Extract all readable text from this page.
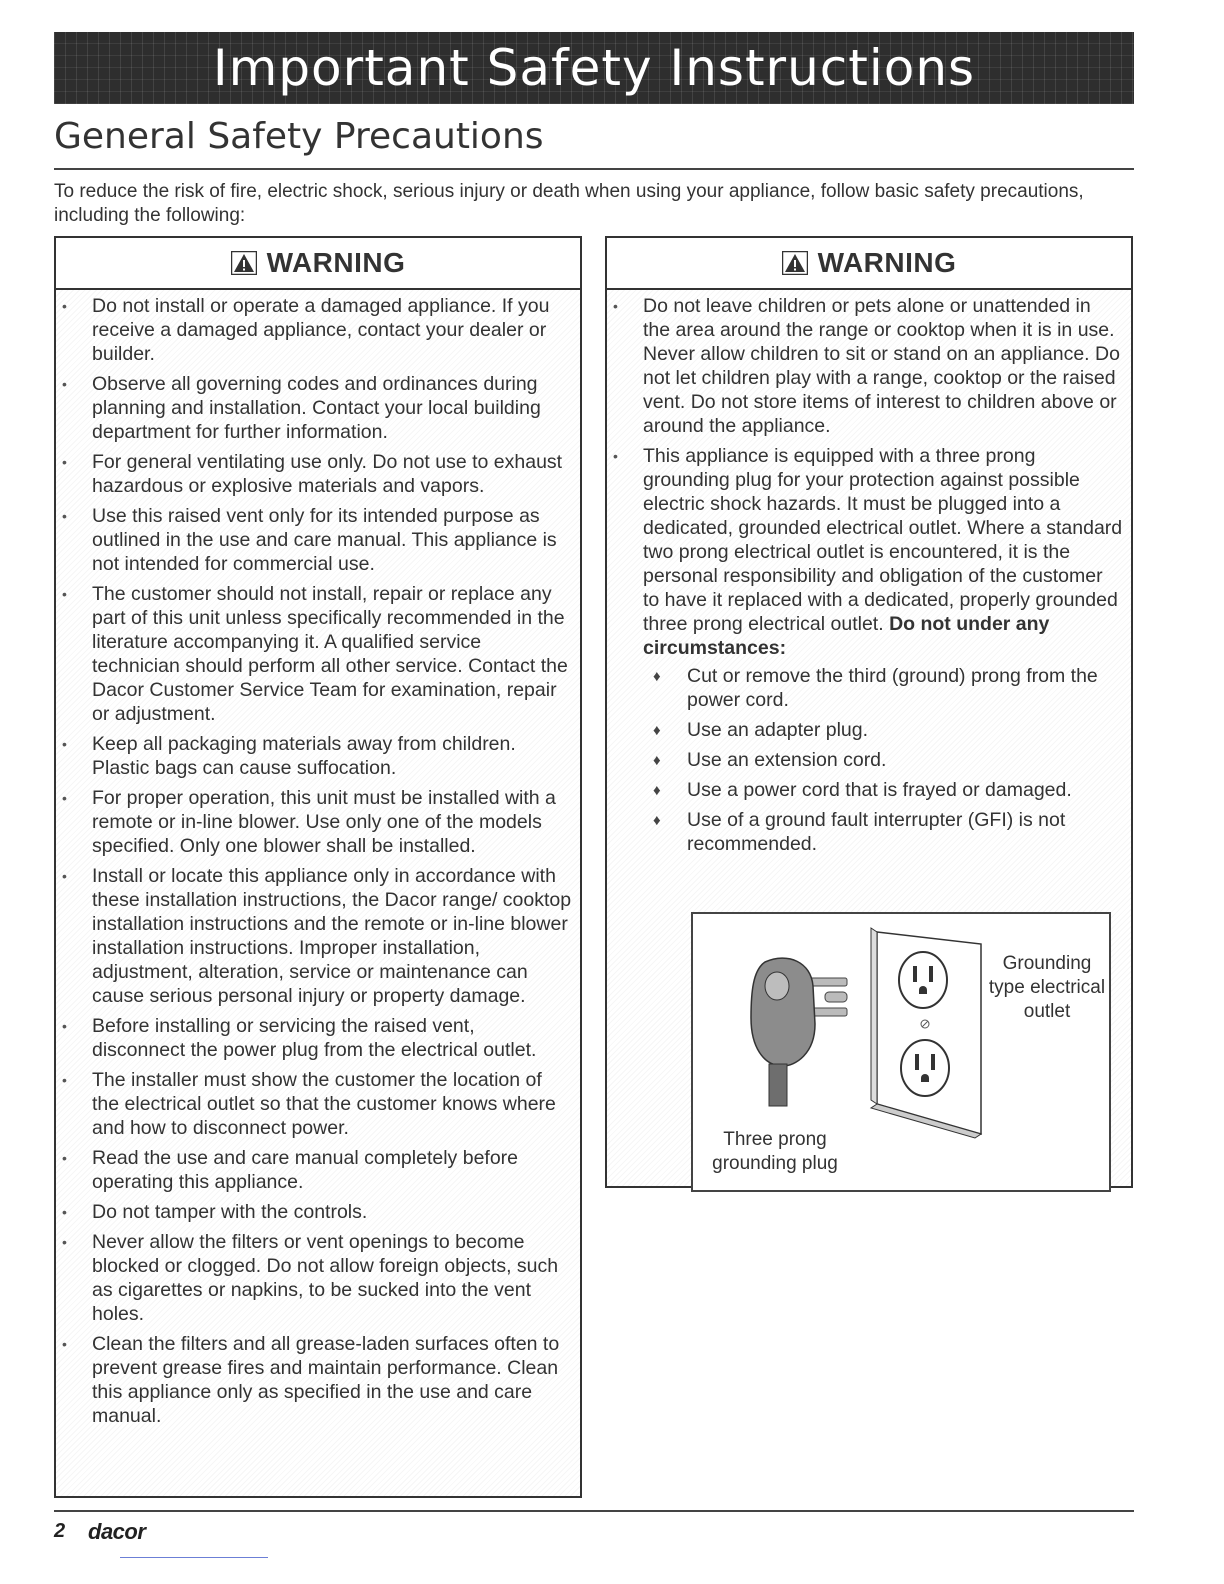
Important Safety Instructions
General Safety Precautions

To reduce the risk of fire, electric shock, serious injury or death when using your appliance, follow basic safety precautions, including the following:

WARNING
• Do not install or operate a damaged appliance. If you receive a damaged appliance, contact your dealer or builder.
• Observe all governing codes and ordinances during planning and installation. Contact your local building department for further information.
• For general ventilating use only. Do not use to exhaust hazardous or explosive materials and vapors.
• Use this raised vent only for its intended purpose as outlined in the use and care manual. This appliance is not intended for commercial use.
• The customer should not install, repair or replace any part of this unit unless specifically recommended in the literature accompanying it. A qualified service technician should perform all other service. Contact the Dacor Customer Service Team for examination, repair or adjustment.
• Keep all packaging materials away from children. Plastic bags can cause suffocation.
• For proper operation, this unit must be installed with a remote or in-line blower. Use only one of the models specified. Only one blower shall be installed.
• Install or locate this appliance only in accordance with these installation instructions, the Dacor range/ cooktop installation instructions and the remote or in-line blower installation instructions. Improper installation, adjustment, alteration, service or maintenance can cause serious personal injury or property damage.
• Before installing or servicing the raised vent, disconnect the power plug from the electrical outlet.
• The installer must show the customer the location of the electrical outlet so that the customer knows where and how to disconnect power.
• Read the use and care manual completely before operating this appliance.
• Do not tamper with the controls.
• Never allow the filters or vent openings to become blocked or clogged. Do not allow foreign objects, such as cigarettes or napkins, to be sucked into the vent holes.
• Clean the filters and all grease-laden surfaces often to prevent grease fires and maintain performance. Clean this appliance only as specified in the use and care manual.
WARNING
• Do not leave children or pets alone or unattended in the area around the range or cooktop when it is in use. Never allow children to sit or stand on an appliance. Do not let children play with a range, cooktop or the raised vent. Do not store items of interest to children above or around the appliance.
• This appliance is equipped with a three prong grounding plug for your protection against possible electric shock hazards. It must be plugged into a dedicated, grounded electrical outlet. Where a standard two prong electrical outlet is encountered, it is the personal responsibility and obligation of the customer to have it replaced with a dedicated, properly grounded three prong electrical outlet. Do not under any circumstances:
♦ Cut or remove the third (ground) prong from the power cord.
♦ Use an adapter plug.
♦ Use an extension cord.
♦ Use a power cord that is frayed or damaged.
♦ Use of a ground fault interrupter (GFI) is not recommended.
Three prong grounding plug
Grounding type electrical outlet
2 dacor
